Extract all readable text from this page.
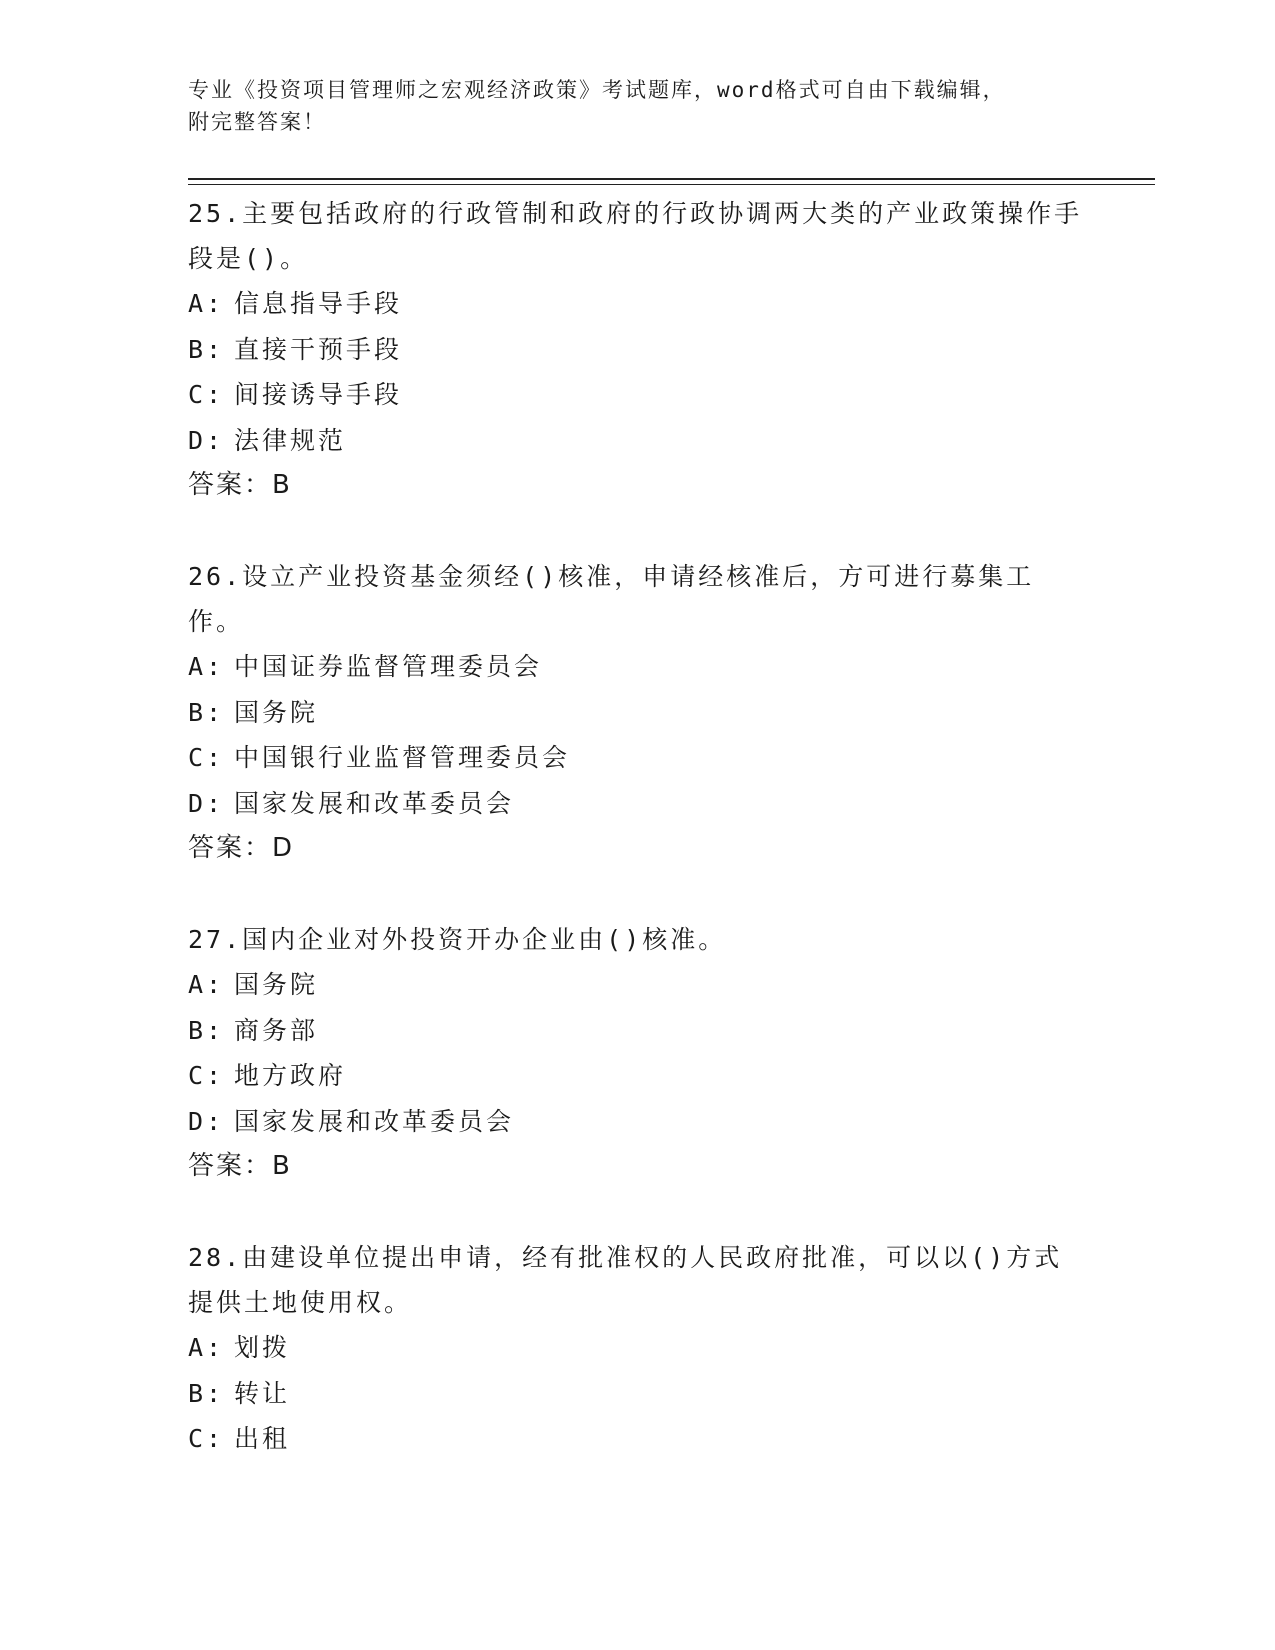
专业《投资项目管理师之宏观经济政策》考试题库，word格式可自由下载编辑，
附完整答案！
25.主要包括政府的行政管制和政府的行政协调两大类的产业政策操作手段是()。
A: 信息指导手段
B: 直接干预手段
C: 间接诱导手段
D: 法律规范
答案：B
26.设立产业投资基金须经()核准，申请经核准后，方可进行募集工作。
A: 中国证券监督管理委员会
B: 国务院
C: 中国银行业监督管理委员会
D: 国家发展和改革委员会
答案：D
27.国内企业对外投资开办企业由()核准。
A: 国务院
B: 商务部
C: 地方政府
D: 国家发展和改革委员会
答案：B
28.由建设单位提出申请，经有批准权的人民政府批准，可以以()方式提供土地使用权。
A: 划拨
B: 转让
C: 出租
